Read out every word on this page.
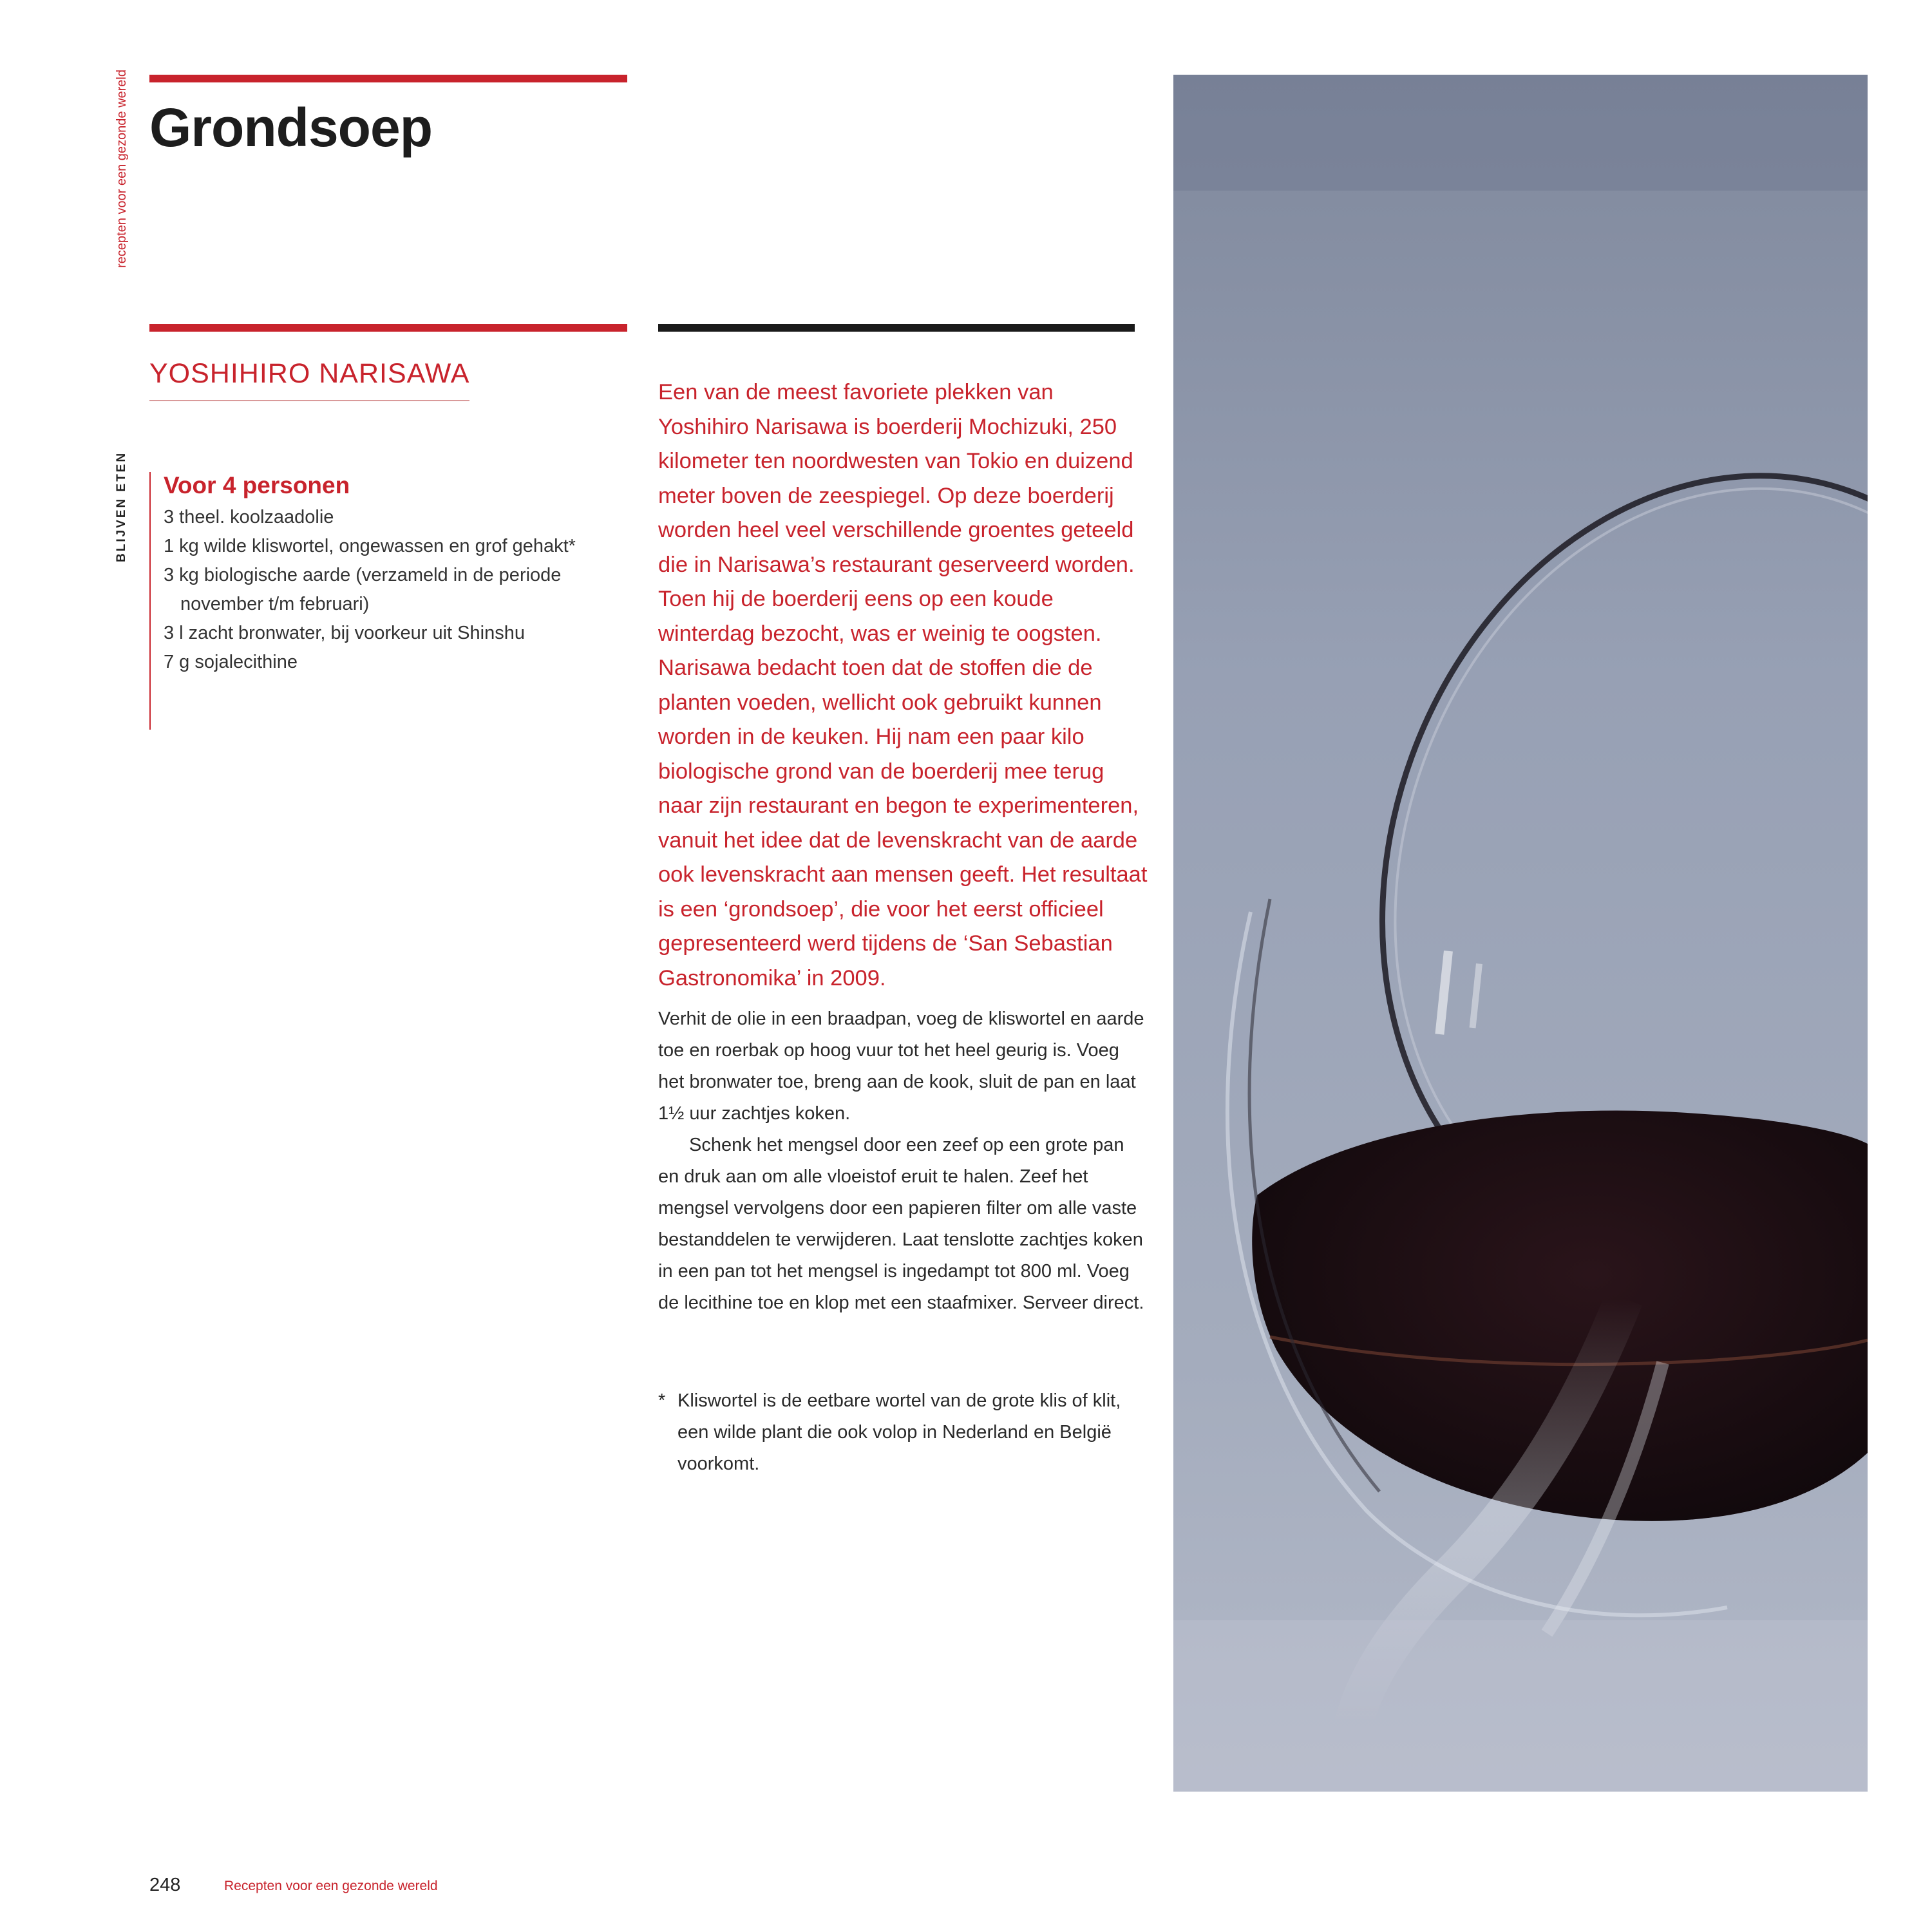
recepten voor een gezonde wereld
BLIJVEN ETEN
Grondsoep
YOSHIHIRO NARISAWA
Voor 4 personen
3 theel. koolzaadolie
1 kg wilde kliswortel, ongewassen en grof gehakt*
3 kg biologische aarde (verzameld in de periode november t/m februari)
3 l zacht bronwater, bij voorkeur uit Shinshu
7 g sojalecithine
Een van de meest favoriete plekken van Yoshihiro Narisawa is boerderij Mochizuki, 250 kilometer ten noordwesten van Tokio en duizend meter boven de zeespiegel. Op deze boerderij worden heel veel verschillende groentes geteeld die in Narisawa’s restaurant geserveerd worden. Toen hij de boerderij eens op een koude winterdag bezocht, was er weinig te oogsten. Narisawa bedacht toen dat de stoffen die de planten voeden, wellicht ook gebruikt kunnen worden in de keuken. Hij nam een paar kilo biologische grond van de boerderij mee terug naar zijn restaurant en begon te experimenteren, vanuit het idee dat de levenskracht van de aarde ook levenskracht aan mensen geeft. Het resultaat is een ‘grondsoep’, die voor het eerst officieel gepresenteerd werd tijdens de ‘San Sebastian Gastronomika’ in 2009.

Verhit de olie in een braadpan, voeg de kliswortel en aarde toe en roerbak op hoog vuur tot het heel geurig is. Voeg het bronwater toe, breng aan de kook, sluit de pan en laat 1½ uur zachtjes koken.

Schenk het mengsel door een zeef op een grote pan en druk aan om alle vloeistof eruit te halen. Zeef het mengsel vervolgens door een papieren filter om alle vaste bestanddelen te verwijderen. Laat tenslotte zachtjes koken in een pan tot het mengsel is ingedampt tot 800 ml. Voeg de lecithine toe en klop met een staafmixer. Serveer direct.

* Kliswortel is de eetbare wortel van de grote klis of klit, een wilde plant die ook volop in Nederland en België voorkomt.
248	Recepten voor een gezonde wereld
